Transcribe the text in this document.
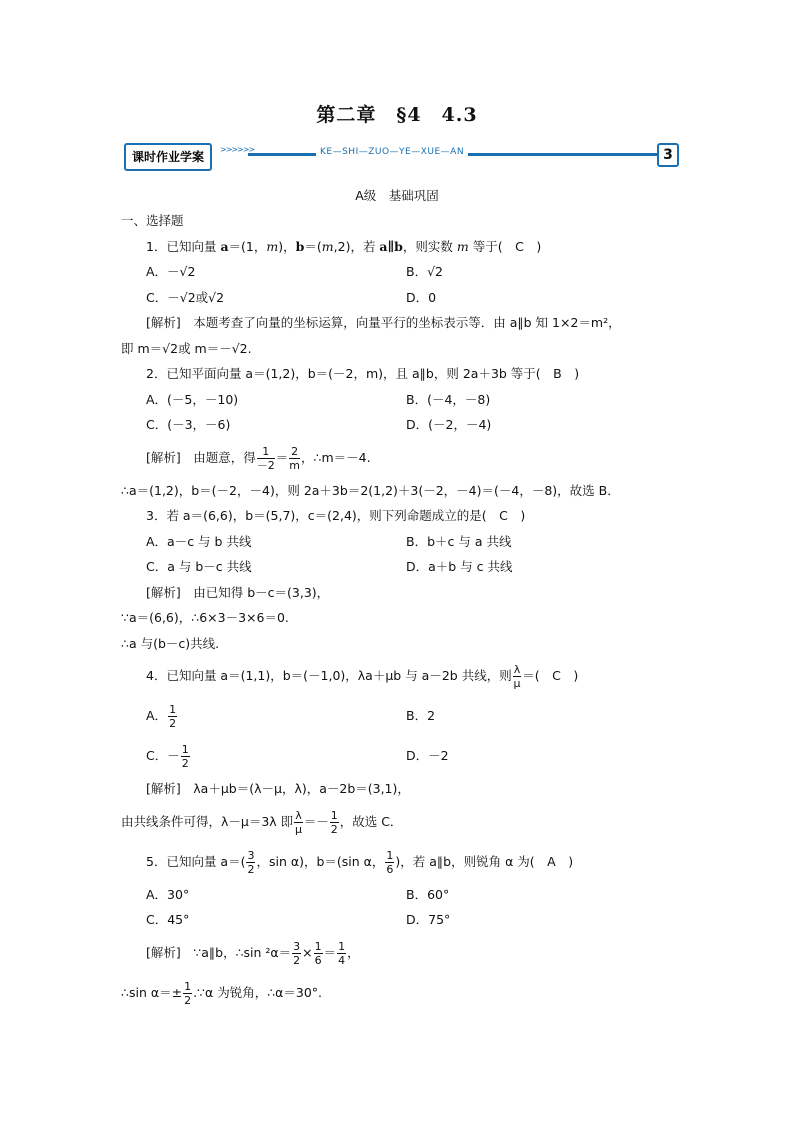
第二章　§4　4.3
课时作业学案
>>>>>>	KE—SHI—ZUO—YE—XUE—AN	3
A级　基础巩固
一、选择题
1．已知向量 a＝(1，m)，b＝(m,2)，若 a∥b，则实数 m 等于(　C　)
A．－√2	B．√2
C．－√2或√2	D．0
[解析]　本题考查了向量的坐标运算，向量平行的坐标表示等．由 a∥b 知 1×2＝m²，
即 m＝√2或 m＝－√2.
2．已知平面向量 a＝(1,2)，b＝(－2，m)，且 a∥b，则 2a＋3b 等于(　B　)
A．(－5，－10)	B．(－4，－8)
C．(－3，－6)	D．(－2，－4)
[解析]　由题意，得 $\frac{1}{-2} = \frac{2}{m}$ ，∴m＝－4.
∴a＝(1,2)，b＝(－2，－4)，则 2a＋3b＝2(1,2)＋3(－2，－4)＝(－4，－8)，故选 B．
3．若 a＝(6,6)，b＝(5,7)，c＝(2,4)，则下列命题成立的是(　C　)
A．a－c 与 b 共线	B．b＋c 与 a 共线
C．a 与 b－c 共线	D．a＋b 与 c 共线
[解析]　由已知得 b－c＝(3,3)，
∵a＝(6,6)，∴6×3－3×6＝0.
∴a 与(b－c)共线.
4．已知向量 a＝(1,1)，b＝(－1,0)，λa＋μb 与 a－2b 共线，则 $\frac{\lambda}{\mu}$ ＝(　C　)
A． $\frac{1}{2}$	B．2
C．－ $\frac{1}{2}$	D．－2
[解析]　λa＋μb＝(λ－μ，λ)，a－2b＝(3,1)，
由共线条件可得，λ－μ＝3λ 即 $\frac{\lambda}{\mu} =- \frac{1}{2}$ ，故选 C．
5．已知向量 $a=( \frac{3}{2}$ ，sin α)，b＝(sin α， $\frac{1}{6}$ )，若 a∥b，则锐角 α 为(　A　)
A．30°	B．60°
C．45°	D．75°
[解析]　∵a∥b，∴sin $^2\alpha= \frac{3}{2} \times \frac{1}{6} = \frac{1}{4}$ ，
∴sin $\alpha=\pm \frac{1}{2}$ .∵α 为锐角，∴α＝30°.
